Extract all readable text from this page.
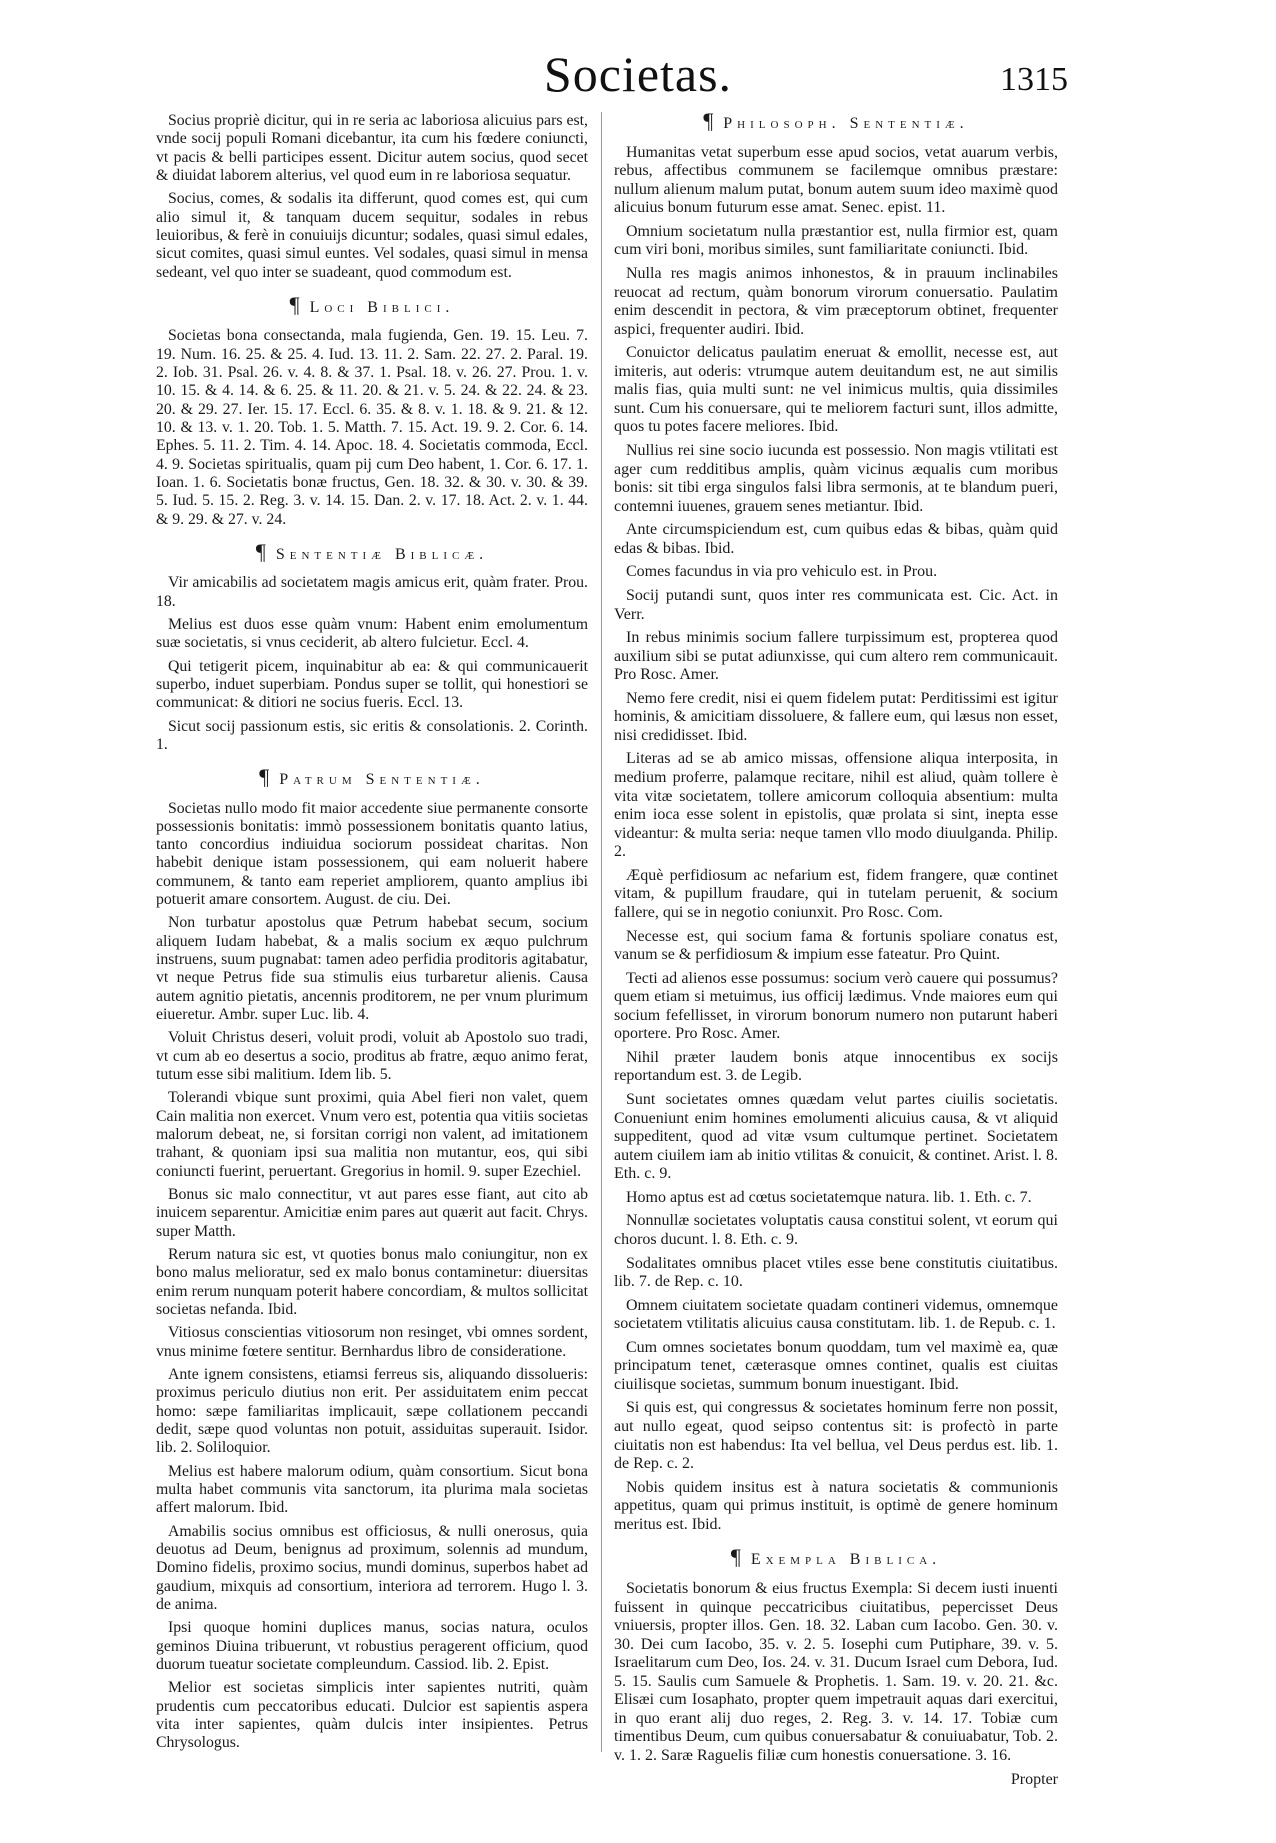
Societas.	1315

Socius propriè dicitur, qui in re seria ac laboriosa alicuius pars est, vnde socij populi Romani dicebantur, ita cum his fœdere coniuncti, vt pacis & belli participes essent. Dicitur autem socius, quod secet & diuidat laborem alterius, vel quod eum in re laboriosa sequatur.

Socius, comes, & sodalis ita differunt, quod comes est, qui cum alio simul it, & tanquam ducem sequitur, sodales in rebus leuioribus, & ferè in conuiuijs dicuntur; sodales, quasi simul edales, sicut comites, quasi simul euntes. Vel sodales, quasi simul in mensa sedeant, vel quo inter se suadeant, quod commodum est.

¶ Loci Biblici.

Societas bona consectanda, mala fugienda, Gen. 19. 15. Leu. 7. 19. Num. 16. 25. & 25. 4. Iud. 13. 11. 2. Sam. 22. 27. 2. Paral. 19. 2. Iob. 31. Psal. 26. v. 4. 8. & 37. 1. Psal. 18. v. 26. 27. Prou. 1. v. 10. 15. & 4. 14. & 6. 25. & 11. 20. & 21. v. 5. 24. & 22. 24. & 23. 20. & 29. 27. Ier. 15. 17. Eccl. 6. 35. & 8. v. 1. 18. & 9. 21. & 12. 10. & 13. v. 1. 20. Tob. 1. 5. Matth. 7. 15. Act. 19. 9. 2. Cor. 6. 14. Ephes. 5. 11. 2. Tim. 4. 14. Apoc. 18. 4. Societatis commoda, Eccl. 4. 9. Societas spiritualis, quam pij cum Deo habent, 1. Cor. 6. 17. 1. Ioan. 1. 6. Societatis bonæ fructus, Gen. 18. 32. & 30. v. 30. & 39. 5. Iud. 5. 15. 2. Reg. 3. v. 14. 15. Dan. 2. v. 17. 18. Act. 2. v. 1. 44. & 9. 29. & 27. v. 24.

¶ Sententiæ Biblicæ.

Vir amicabilis ad societatem magis amicus erit, quàm frater. Prou. 18.

Melius est duos esse quàm vnum: Habent enim emolumentum suæ societatis, si vnus ceciderit, ab altero fulcietur. Eccl. 4.

Qui tetigerit picem, inquinabitur ab ea: & qui communicauerit superbo, induet superbiam. Pondus super se tollit, qui honestiori se communicat: & ditiori ne socius fueris. Eccl. 13.

Sicut socij passionum estis, sic eritis & consolationis. 2. Corinth. 1.

¶ Patrum Sententiæ.

Societas nullo modo fit maior accedente siue permanente consorte possessionis bonitatis: immò possessionem bonitatis quanto latius, tanto concordius indiuidua sociorum possideat charitas. Non habebit denique istam possessionem, qui eam noluerit habere communem, & tanto eam reperiet ampliorem, quanto amplius ibi potuerit amare consortem. August. de ciu. Dei.

Non turbatur apostolus quæ Petrum habebat secum, socium aliquem Iudam habebat, & a malis socium ex æquo pulchrum instruens, suum pugnabat: tamen adeo perfidia proditoris agitabatur, vt neque Petrus fide sua stimulis eius turbaretur alienis. Causa autem agnitio pietatis, ancennis proditorem, ne per vnum plurimum eiueretur. Ambr. super Luc. lib. 4.

Voluit Christus deseri, voluit prodi, voluit ab Apostolo suo tradi, vt cum ab eo desertus a socio, proditus ab fratre, æquo animo ferat, tutum esse sibi malitium. Idem lib. 5.

Tolerandi vbique sunt proximi, quia Abel fieri non valet, quem Cain malitia non exercet. Vnum vero est, potentia qua vitiis societas malorum debeat, ne, si forsitan corrigi non valent, ad imitationem trahant, & quoniam ipsi sua malitia non mutantur, eos, qui sibi coniuncti fuerint, peruertant. Gregorius in homil. 9. super Ezechiel.

Bonus sic malo connectitur, vt aut pares esse fiant, aut cito ab inuicem separentur. Amicitiæ enim pares aut quærit aut facit. Chrys. super Matth.

Rerum natura sic est, vt quoties bonus malo coniungitur, non ex bono malus melioratur, sed ex malo bonus contaminetur: diuersitas enim rerum nunquam poterit habere concordiam, & multos sollicitat societas nefanda. Ibid.

Vitiosus conscientias vitiosorum non resinget, vbi omnes sordent, vnus minime fœtere sentitur. Bernhardus libro de consideratione.

Ante ignem consistens, etiamsi ferreus sis, aliquando dissolueris: proximus periculo diutius non erit. Per assiduitatem enim peccat homo: sæpe familiaritas implicauit, sæpe collationem peccandi dedit, sæpe quod voluntas non potuit, assiduitas superauit. Isidor. lib. 2. Soliloquior.

Melius est habere malorum odium, quàm consortium. Sicut bona multa habet communis vita sanctorum, ita plurima mala societas affert malorum. Ibid.

Amabilis socius omnibus est officiosus, & nulli onerosus, quia deuotus ad Deum, benignus ad proximum, solennis ad mundum, Domino fidelis, proximo socius, mundi dominus, superbos habet ad gaudium, mixquis ad consortium, interiora ad terrorem. Hugo l. 3. de anima.

Ipsi quoque homini duplices manus, socias natura, oculos geminos Diuina tribuerunt, vt robustius peragerent officium, quod duorum tueatur societate compleundum. Cassiod. lib. 2. Epist.

Melior est societas simplicis inter sapientes nutriti, quàm prudentis cum peccatoribus educati. Dulcior est sapientis aspera vita inter sapientes, quàm dulcis inter insipientes. Petrus Chrysologus.

¶ Philosoph. Sententiæ.

Humanitas vetat superbum esse apud socios, vetat auarum verbis, rebus, affectibus communem se facilemque omnibus præstare: nullum alienum malum putat, bonum autem suum ideo maximè quod alicuius bonum futurum esse amat. Senec. epist. 11.

Omnium societatum nulla præstantior est, nulla firmior est, quam cum viri boni, moribus similes, sunt familiaritate coniuncti. Ibid.

Nulla res magis animos inhonestos, & in prauum inclinabiles reuocat ad rectum, quàm bonorum virorum conuersatio. Paulatim enim descendit in pectora, & vim præceptorum obtinet, frequenter aspici, frequenter audiri. Ibid.

Conuictor delicatus paulatim eneruat & emollit, necesse est, aut imiteris, aut oderis: vtrumque autem deuitandum est, ne aut similis malis fias, quia multi sunt: ne vel inimicus multis, quia dissimiles sunt. Cum his conuersare, qui te meliorem facturi sunt, illos admitte, quos tu potes facere meliores. Ibid.

Nullius rei sine socio iucunda est possessio. Non magis vtilitati est ager cum redditibus amplis, quàm vicinus æqualis cum moribus bonis: sit tibi erga singulos falsi libra sermonis, at te blandum pueri, contemni iuuenes, grauem senes metiantur. Ibid.

Ante circumspiciendum est, cum quibus edas & bibas, quàm quid edas & bibas. Ibid.

Comes facundus in via pro vehiculo est. in Prou.

Socij putandi sunt, quos inter res communicata est. Cic. Act. in Verr.

In rebus minimis socium fallere turpissimum est, propterea quod auxilium sibi se putat adiunxisse, qui cum altero rem communicauit. Pro Rosc. Amer.

Nemo fere credit, nisi ei quem fidelem putat: Perditissimi est igitur hominis, & amicitiam dissoluere, & fallere eum, qui læsus non esset, nisi credidisset. Ibid.

Literas ad se ab amico missas, offensione aliqua interposita, in medium proferre, palamque recitare, nihil est aliud, quàm tollere è vita vitæ societatem, tollere amicorum colloquia absentium: multa enim ioca esse solent in epistolis, quæ prolata si sint, inepta esse videantur: & multa seria: neque tamen vllo modo diuulganda. Philip. 2.

Æquè perfidiosum ac nefarium est, fidem frangere, quæ continet vitam, & pupillum fraudare, qui in tutelam peruenit, & socium fallere, qui se in negotio coniunxit. Pro Rosc. Com.

Necesse est, qui socium fama & fortunis spoliare conatus est, vanum se & perfidiosum & impium esse fateatur. Pro Quint.

Tecti ad alienos esse possumus: socium verò cauere qui possumus? quem etiam si metuimus, ius officij lædimus. Vnde maiores eum qui socium fefellisset, in virorum bonorum numero non putarunt haberi oportere. Pro Rosc. Amer.

Nihil præter laudem bonis atque innocentibus ex socijs reportandum est. 3. de Legib.

Sunt societates omnes quædam velut partes ciuilis societatis. Conueniunt enim homines emolumenti alicuius causa, & vt aliquid suppeditent, quod ad vitæ vsum cultumque pertinet. Societatem autem ciuilem iam ab initio vtilitas & conuicit, & continet. Arist. l. 8. Eth. c. 9.

Homo aptus est ad cœtus societatemque natura. lib. 1. Eth. c. 7.

Nonnullæ societates voluptatis causa constitui solent, vt eorum qui choros ducunt. l. 8. Eth. c. 9.

Sodalitates omnibus placet vtiles esse bene constitutis ciuitatibus. lib. 7. de Rep. c. 10.

Omnem ciuitatem societate quadam contineri videmus, omnemque societatem vtilitatis alicuius causa constitutam. lib. 1. de Repub. c. 1.

Cum omnes societates bonum quoddam, tum vel maximè ea, quæ principatum tenet, cæterasque omnes continet, qualis est ciuitas ciuilisque societas, summum bonum inuestigant. Ibid.

Si quis est, qui congressus & societates hominum ferre non possit, aut nullo egeat, quod seipso contentus sit: is profectò in parte ciuitatis non est habendus: Ita vel bellua, vel Deus perdus est. lib. 1. de Rep. c. 2.

Nobis quidem insitus est à natura societatis & communionis appetitus, quam qui primus instituit, is optimè de genere hominum meritus est. Ibid.

¶ Exempla Biblica.

Societatis bonorum & eius fructus Exempla: Si decem iusti inuenti fuissent in quinque peccatricibus ciuitatibus, pepercisset Deus vniuersis, propter illos. Gen. 18. 32. Laban cum Iacobo. Gen. 30. v. 30. Dei cum Iacobo, 35. v. 2. 5. Iosephi cum Putiphare, 39. v. 5. Israelitarum cum Deo, Ios. 24. v. 31. Ducum Israel cum Debora, Iud. 5. 15. Saulis cum Samuele & Prophetis. 1. Sam. 19. v. 20. 21. &c. Elisæi cum Iosaphato, propter quem impetrauit aquas dari exercitui, in quo erant alij duo reges, 2. Reg. 3. v. 14. 17. Tobiæ cum timentibus Deum, cum quibus conuersabatur & conuiuabatur, Tob. 2. v. 1. 2. Saræ Raguelis filiæ cum honestis conuersatione. 3. 16.

Propter
